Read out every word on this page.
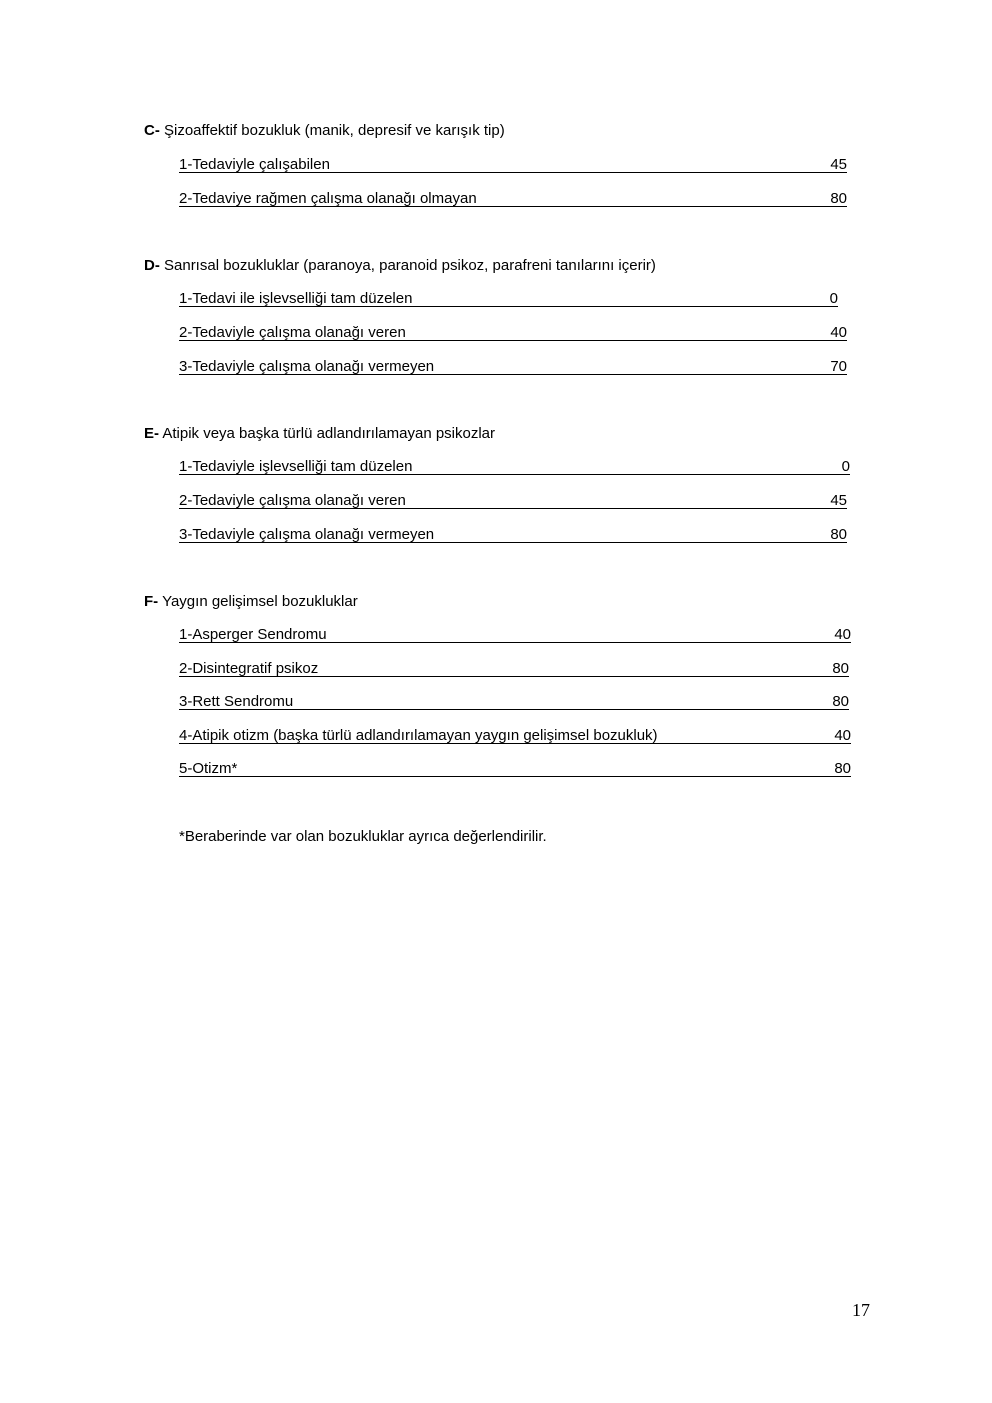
C- Şizoaffektif bozukluk (manik, depresif ve karışık tip)
1-Tedaviyle çalışabilen	45
2-Tedaviye rağmen çalışma olanağı olmayan	80
D- Sanrısal bozukluklar (paranoya, paranoid psikoz, parafreni tanılarını içerir)
1-Tedavi ile işlevselliği tam düzelen	0
2-Tedaviyle çalışma olanağı veren	40
3-Tedaviyle çalışma olanağı vermeyen	70
E- Atipik veya başka türlü adlandırılamayan psikozlar
1-Tedaviyle işlevselliği tam düzelen	0
2-Tedaviyle çalışma olanağı veren	45
3-Tedaviyle çalışma olanağı vermeyen	80
F- Yaygın gelişimsel bozukluklar
1-Asperger Sendromu	40
2-Disintegratif psikoz	80
3-Rett Sendromu	80
4-Atipik otizm (başka türlü adlandırılamayan yaygın gelişimsel bozukluk)	40
5-Otizm*	80
*Beraberinde var olan bozukluklar ayrıca değerlendirilir.
17
